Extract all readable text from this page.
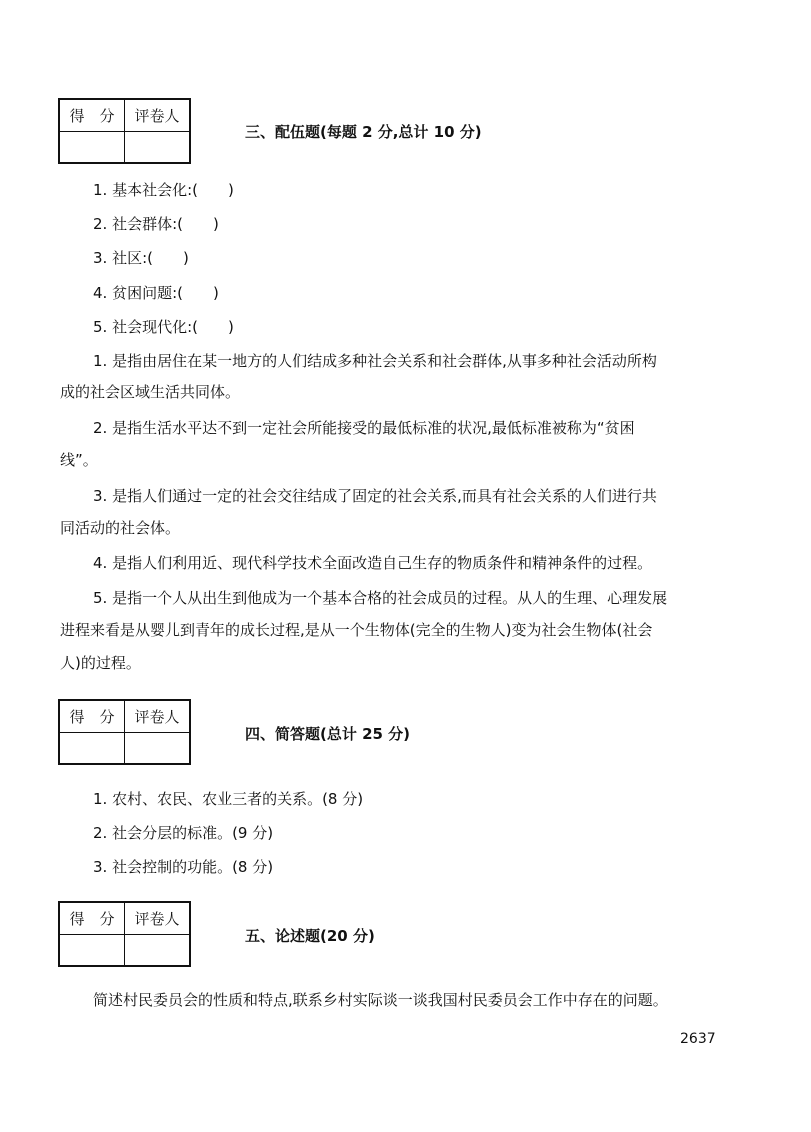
得　分	评卷人

三、配伍题(每题 2 分,总计 10 分)
1. 基本社会化:(　　)
2. 社会群体:(　　)
3. 社区:(　　)
4. 贫困问题:(　　)
5. 社会现代化:(　　)
1. 是指由居住在某一地方的人们结成多种社会关系和社会群体,从事多种社会活动所构
成的社会区域生活共同体。
2. 是指生活水平达不到一定社会所能接受的最低标准的状况,最低标准被称为“贫困
线”。
3. 是指人们通过一定的社会交往结成了固定的社会关系,而具有社会关系的人们进行共
同活动的社会体。
4. 是指人们利用近、现代科学技术全面改造自己生存的物质条件和精神条件的过程。
5. 是指一个人从出生到他成为一个基本合格的社会成员的过程。从人的生理、心理发展
进程来看是从婴儿到青年的成长过程,是从一个生物体(完全的生物人)变为社会生物体(社会
人)的过程。
得　分	评卷人

四、简答题(总计 25 分)
1. 农村、农民、农业三者的关系。(8 分)
2. 社会分层的标准。(9 分)
3. 社会控制的功能。(8 分)
得　分	评卷人

五、论述题(20 分)
简述村民委员会的性质和特点,联系乡村实际谈一谈我国村民委员会工作中存在的问题。
2637
